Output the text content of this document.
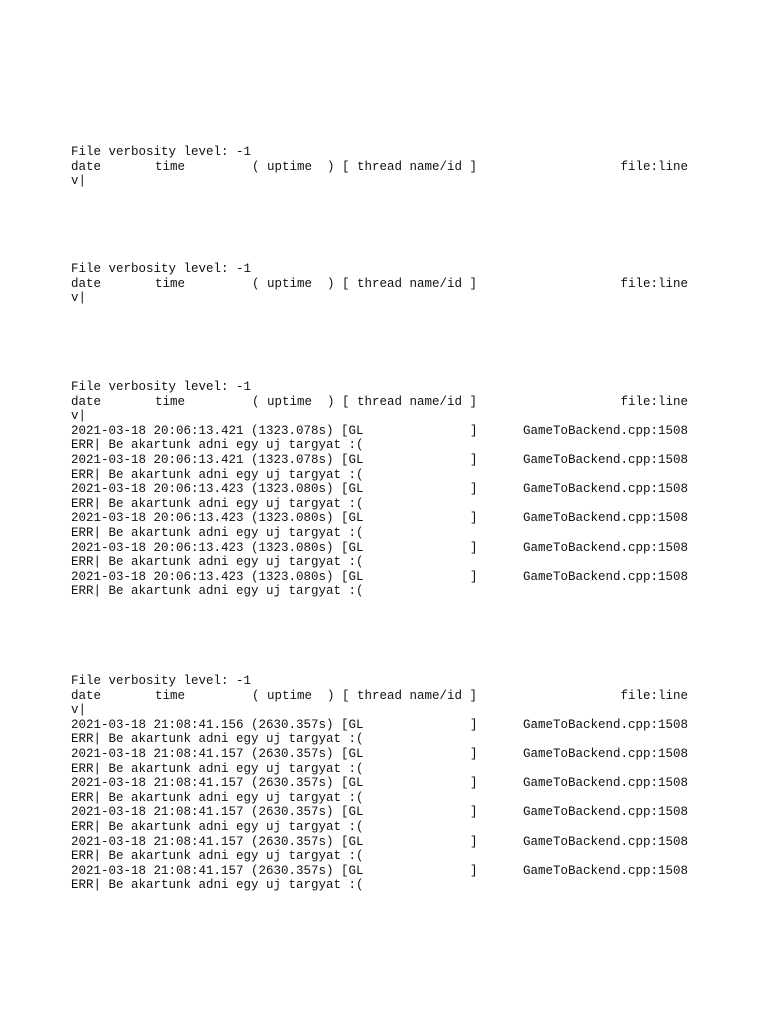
File verbosity level: -1
date	time	( uptime  ) [ thread name/id ]	file:line
v|
File verbosity level: -1
date	time	( uptime  ) [ thread name/id ]	file:line
v|
File verbosity level: -1
date	time	( uptime  ) [ thread name/id ]	file:line
v|
2021-03-18 20:06:13.421 (1323.078s) [GL	]	GameToBackend.cpp:1508
ERR| Be akartunk adni egy uj targyat :(
2021-03-18 20:06:13.421 (1323.078s) [GL	]	GameToBackend.cpp:1508
ERR| Be akartunk adni egy uj targyat :(
2021-03-18 20:06:13.423 (1323.080s) [GL	]	GameToBackend.cpp:1508
ERR| Be akartunk adni egy uj targyat :(
2021-03-18 20:06:13.423 (1323.080s) [GL	]	GameToBackend.cpp:1508
ERR| Be akartunk adni egy uj targyat :(
2021-03-18 20:06:13.423 (1323.080s) [GL	]	GameToBackend.cpp:1508
ERR| Be akartunk adni egy uj targyat :(
2021-03-18 20:06:13.423 (1323.080s) [GL	]	GameToBackend.cpp:1508
ERR| Be akartunk adni egy uj targyat :(
File verbosity level: -1
date	time	( uptime  ) [ thread name/id ]	file:line
v|
2021-03-18 21:08:41.156 (2630.357s) [GL	]	GameToBackend.cpp:1508
ERR| Be akartunk adni egy uj targyat :(
2021-03-18 21:08:41.157 (2630.357s) [GL	]	GameToBackend.cpp:1508
ERR| Be akartunk adni egy uj targyat :(
2021-03-18 21:08:41.157 (2630.357s) [GL	]	GameToBackend.cpp:1508
ERR| Be akartunk adni egy uj targyat :(
2021-03-18 21:08:41.157 (2630.357s) [GL	]	GameToBackend.cpp:1508
ERR| Be akartunk adni egy uj targyat :(
2021-03-18 21:08:41.157 (2630.357s) [GL	]	GameToBackend.cpp:1508
ERR| Be akartunk adni egy uj targyat :(
2021-03-18 21:08:41.157 (2630.357s) [GL	]	GameToBackend.cpp:1508
ERR| Be akartunk adni egy uj targyat :(
